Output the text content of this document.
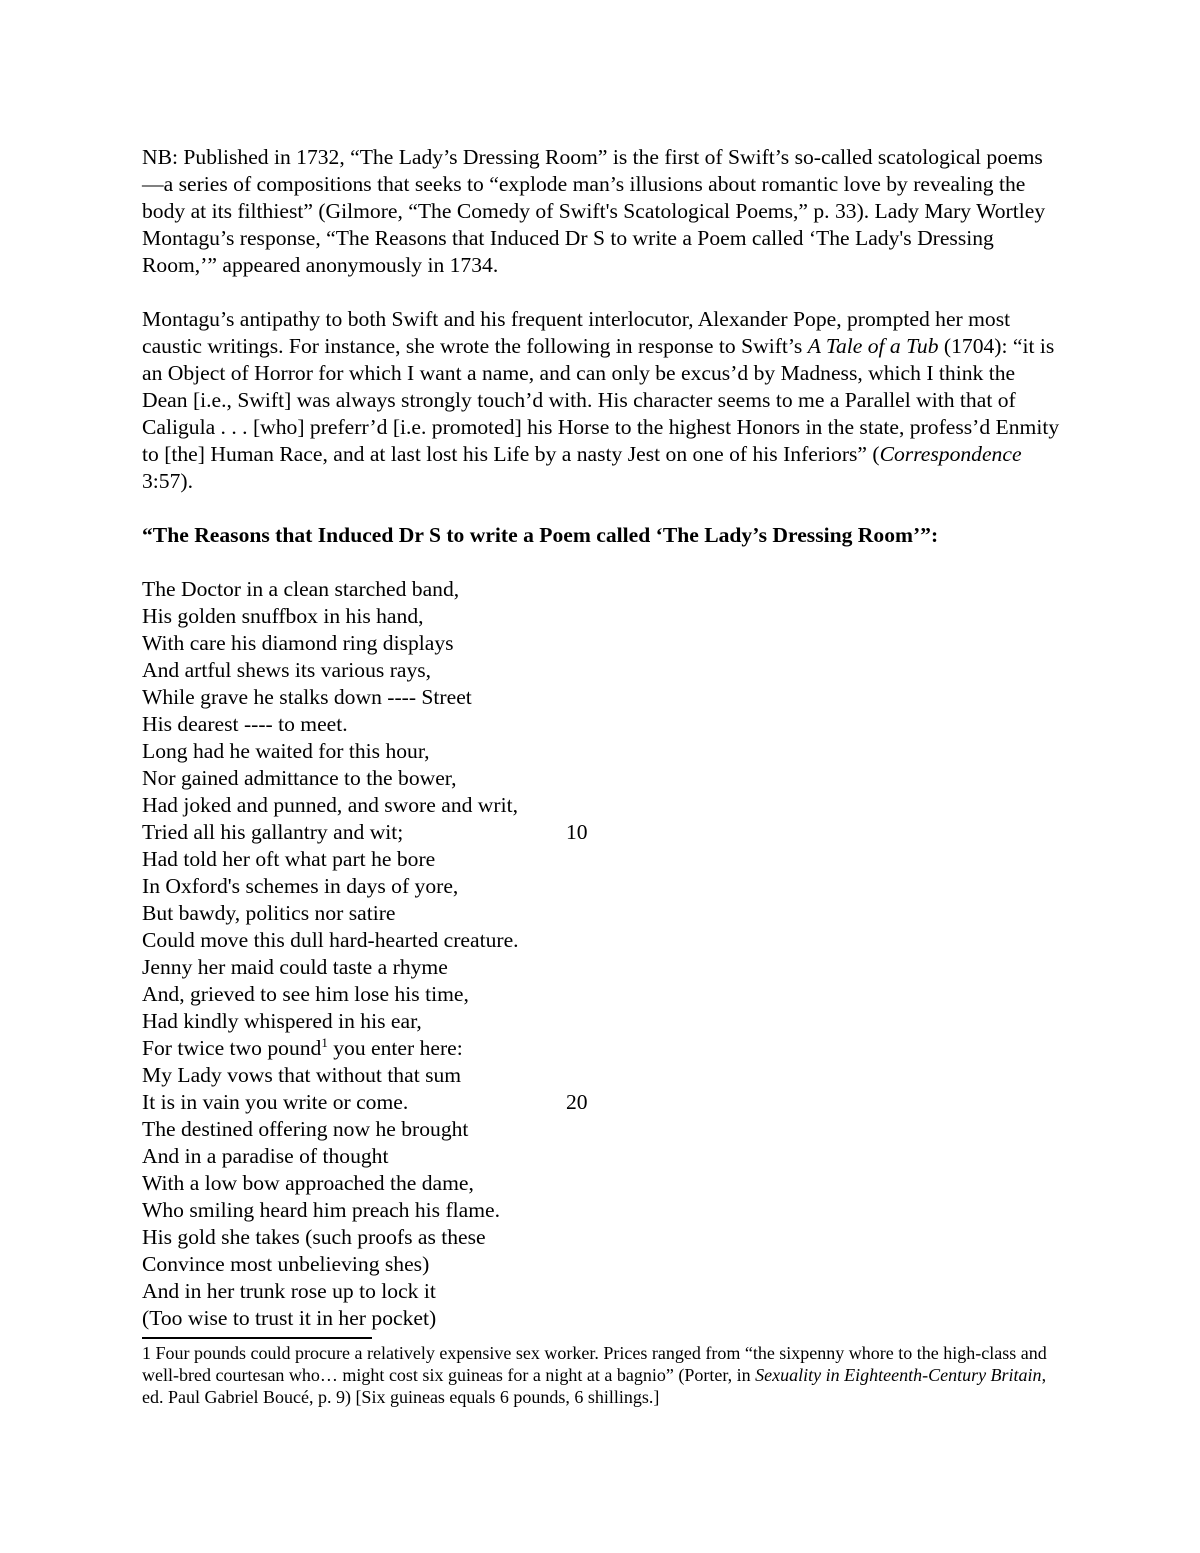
NB: Published in 1732, “The Lady’s Dressing Room” is the first of Swift’s so-called scatological poems—a series of compositions that seeks to “explode man’s illusions about romantic love by revealing the body at its filthiest” (Gilmore, “The Comedy of Swift's Scatological Poems,” p. 33). Lady Mary Wortley Montagu’s response, “The Reasons that Induced Dr S to write a Poem called ‘The Lady's Dressing Room,’” appeared anonymously in 1734.

Montagu’s antipathy to both Swift and his frequent interlocutor, Alexander Pope, prompted her most caustic writings. For instance, she wrote the following in response to Swift’s A Tale of a Tub (1704): “it is an Object of Horror for which I want a name, and can only be excus’d by Madness, which I think the Dean [i.e., Swift] was always strongly touch’d with. His character seems to me a Parallel with that of Caligula . . . [who] preferr’d [i.e. promoted] his Horse to the highest Honors in the state, profess’d Enmity to [the] Human Race, and at last lost his Life by a nasty Jest on one of his Inferiors” (Correspondence 3:57).

“The Reasons that Induced Dr S to write a Poem called ‘The Lady’s Dressing Room’”:

The Doctor in a clean starched band,
His golden snuffbox in his hand,
With care his diamond ring displays
And artful shews its various rays,
While grave he stalks down ---- Street
His dearest ---- to meet.
Long had he waited for this hour,
Nor gained admittance to the bower,
Had joked and punned, and swore and writ,
Tried all his gallantry and wit;	10
Had told her oft what part he bore
In Oxford's schemes in days of yore,
But bawdy, politics nor satire
Could move this dull hard-hearted creature.
Jenny her maid could taste a rhyme
And, grieved to see him lose his time,
Had kindly whispered in his ear,
For twice two pound$^1$ you enter here:
My Lady vows that without that sum
It is in vain you write or come.	20
The destined offering now he brought
And in a paradise of thought
With a low bow approached the dame,
Who smiling heard him preach his flame.
His gold she takes (such proofs as these
Convince most unbelieving shes)
And in her trunk rose up to lock it
(Too wise to trust it in her pocket)

1 Four pounds could procure a relatively expensive sex worker. Prices ranged from “the sixpenny whore to the high-class and well-bred courtesan who… might cost six guineas for a night at a bagnio” (Porter, in Sexuality in Eighteenth-Century Britain, ed. Paul Gabriel Boucé, p. 9) [Six guineas equals 6 pounds, 6 shillings.]
